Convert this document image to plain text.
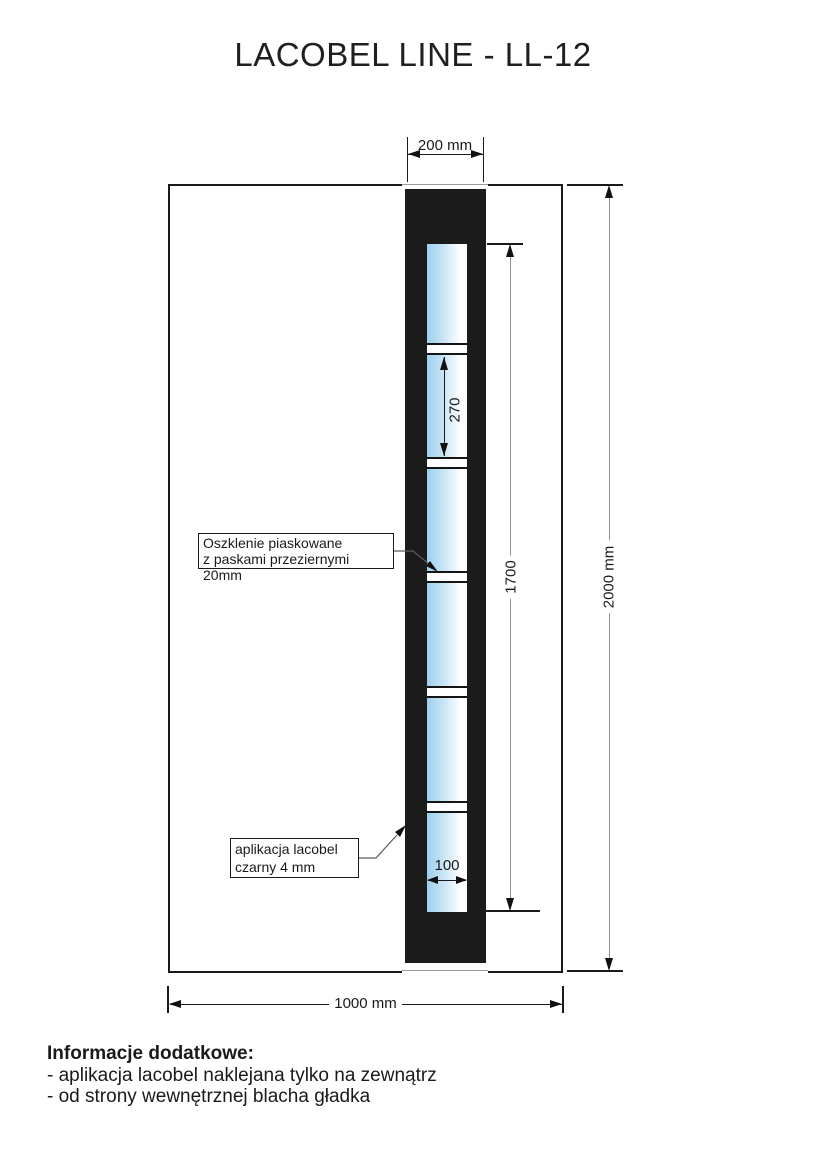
LACOBEL LINE - LL-12
200 mm
2000 mm
1700
270
100
1000 mm
Oszklenie piaskowane
z paskami przeziernymi 20mm
aplikacja lacobel
czarny 4 mm
Informacje dodatkowe:
- aplikacja lacobel naklejana tylko na zewnątrz
- od strony wewnętrznej blacha gładka
